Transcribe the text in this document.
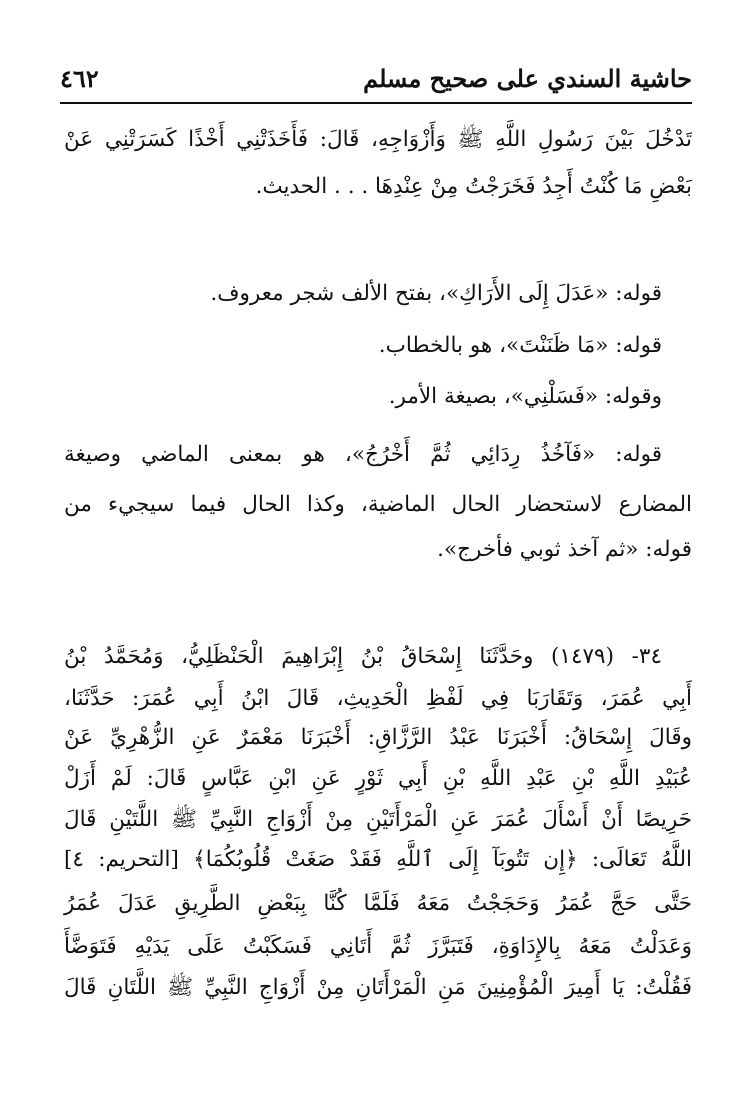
حاشية السندي على صحيح مسلم
٤٦٢
تَدْخُلَ بَيْنَ رَسُولِ اللَّهِ ﷺ وَأَزْوَاجِهِ، قَالَ: فَأَخَذَتْنِي أَخْذًا كَسَرَتْنِي عَنْ
بَعْضِ مَا كُنْتُ أَجِدُ فَخَرَجْتُ مِنْ عِنْدِهَا . . . الحديث.
قوله: «عَدَلَ إِلَى الأَرَاكِ»، بفتح الألف شجر معروف.
قوله: «مَا ظَنَنْتَ»، هو بالخطاب.
وقوله: «فَسَلْنِي»، بصيغة الأمر.
قوله: «فَآخُذُ رِدَائِي ثُمَّ أَخْرُجُ»، هو بمعنى الماضي وصيغة
المضارع لاستحضار الحال الماضية، وكذا الحال فيما سيجيء من
قوله: «ثم آخذ ثوبي فأخرج».
٣٤- (١٤٧٩) وحَدَّثَنَا إِسْحَاقُ بْنُ إِبْرَاهِيمَ الْحَنْظَلِيُّ، وَمُحَمَّدُ بْنُ
أَبِي عُمَرَ، وَتَقَارَبَا فِي لَفْظِ الْحَدِيثِ، قَالَ ابْنُ أَبِي عُمَرَ: حَدَّثَنَا،
وقَالَ إِسْحَاقُ: أَخْبَرَنَا عَبْدُ الرَّزَّاقِ: أَخْبَرَنَا مَعْمَرٌ عَنِ الزُّهْرِيِّ عَنْ
عُبَيْدِ اللَّهِ بْنِ عَبْدِ اللَّهِ بْنِ أَبِي ثَوْرٍ عَنِ ابْنِ عَبَّاسٍ قَالَ: لَمْ أَزَلْ
حَرِيصًا أَنْ أَسْأَلَ عُمَرَ عَنِ الْمَرْأَتَيْنِ مِنْ أَزْوَاجِ النَّبِيِّ ﷺ اللَّتَيْنِ قَالَ
اللَّهُ تَعَالَى: ﴿إِن تَتُوبَآ إِلَى ٱللَّهِ فَقَدْ صَغَتْ قُلُوبُكُمَا﴾ [التحريم: ٤]
حَتَّى حَجَّ عُمَرُ وَحَجَجْتُ مَعَهُ فَلَمَّا كُنَّا بِبَعْضِ الطَّرِيقِ عَدَلَ عُمَرُ
وَعَدَلْتُ مَعَهُ بِالإِدَاوَةِ، فَتَبَرَّزَ ثُمَّ أَتَانِي فَسَكَبْتُ عَلَى يَدَيْهِ فَتَوَضَّأَ
فَقُلْتُ: يَا أَمِيرَ الْمُؤْمِنِينَ مَنِ الْمَرْأَتَانِ مِنْ أَزْوَاجِ النَّبِيِّ ﷺ اللَّتَانِ قَالَ
